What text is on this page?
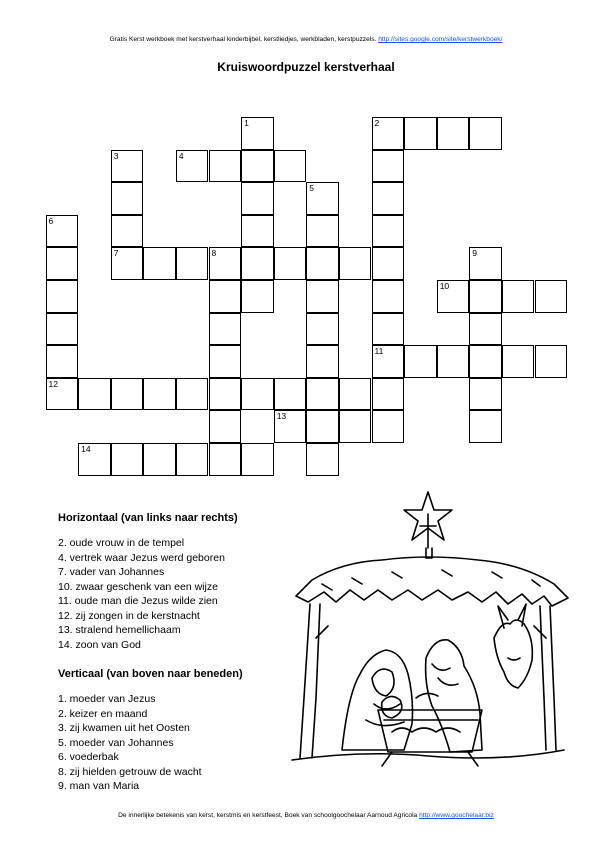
Gratis Kerst werkboek met kerstverhaal kinderbijbel, kerstliedjes, werkbladen, kerstpuzzels. http://sites.google.com/site/kerstwerkboek/
Kruiswoordpuzzel kerstverhaal
2
4
7	8
10
11
12
13
14
1
3
5
6
9
Horizontaal (van links naar rechts)
2. oude vrouw in de tempel
4. vertrek waar Jezus werd geboren
7. vader van Johannes
10. zwaar geschenk van een wijze
11. oude man die Jezus wilde zien
12. zij zongen in de kerstnacht
13. stralend hemellichaam
14. zoon van God
Verticaal (van boven naar beneden)
1. moeder van Jezus
2. keizer en maand
3. zij kwamen uit het Oosten
5. moeder van Johannes
6. voederbak
8. zij hielden getrouw de wacht
9. man van Maria
De innerlijke betekenis van kerst, kerstmis en kerstfeest, Boek van schoolgoochelaar Aarnoud Agricola http://www.goochelaar.biz
